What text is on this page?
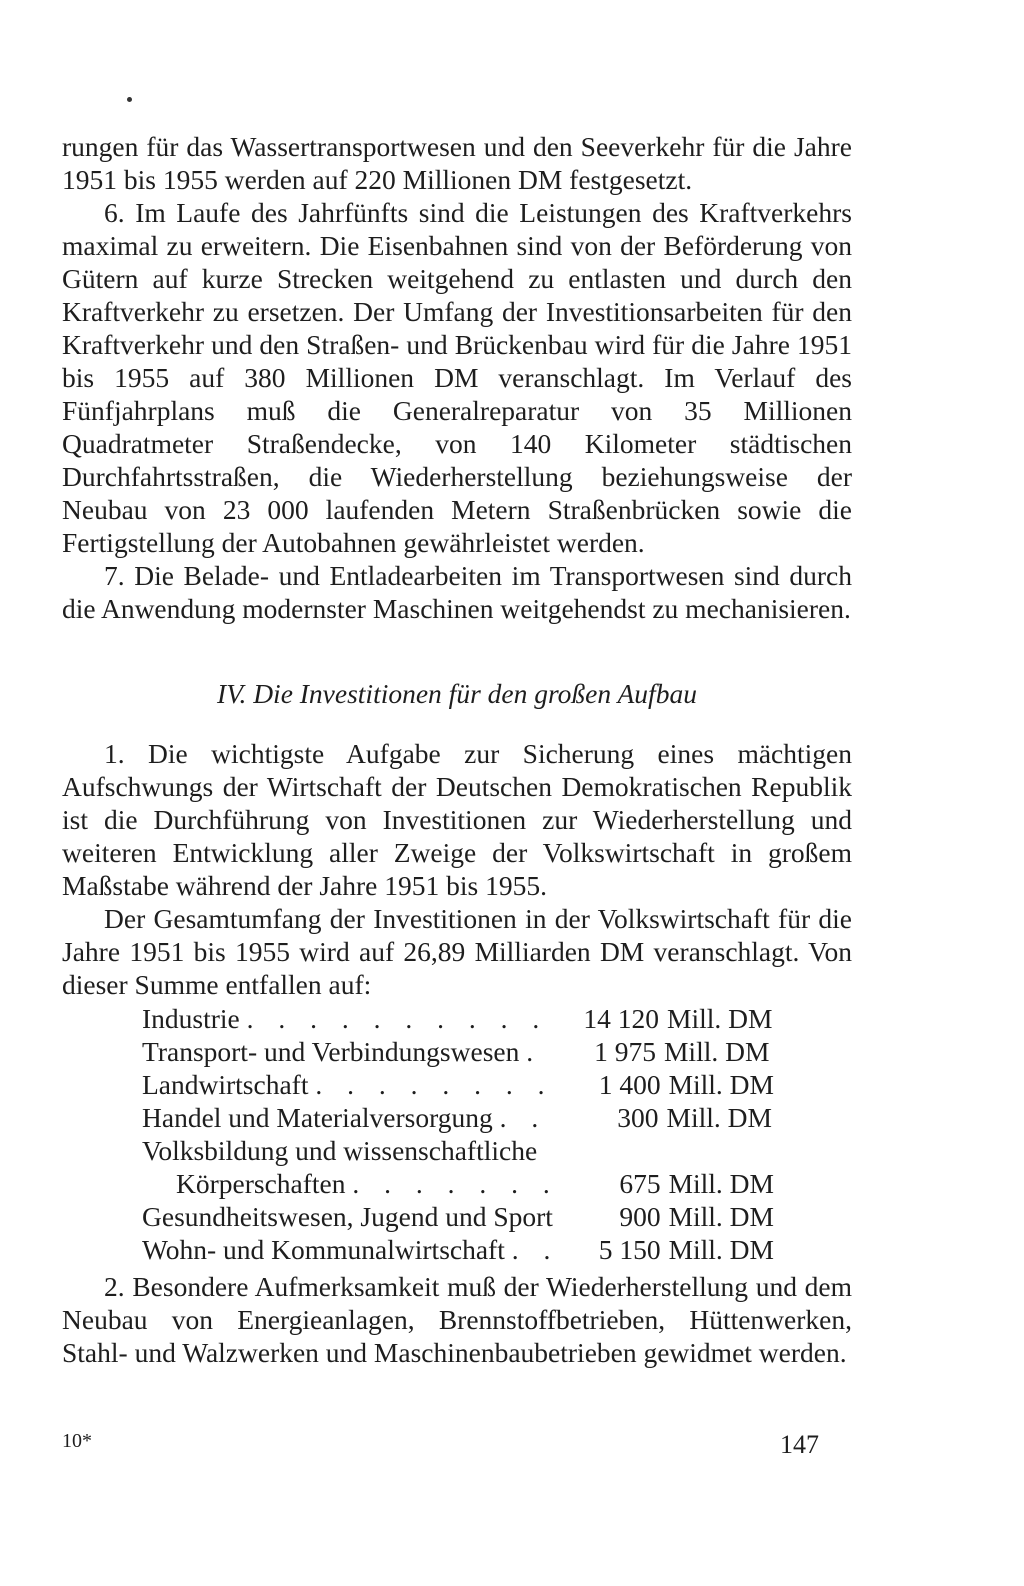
rungen für das Wassertransportwesen und den Seeverkehr für die Jahre 1951 bis 1955 werden auf 220 Millionen DM festgesetzt.

6. Im Laufe des Jahrfünfts sind die Leistungen des Kraftverkehrs maximal zu erweitern. Die Eisenbahnen sind von der Beförderung von Gütern auf kurze Strecken weitgehend zu entlasten und durch den Kraftverkehr zu ersetzen. Der Umfang der Investitionsarbeiten für den Kraftverkehr und den Straßen- und Brückenbau wird für die Jahre 1951 bis 1955 auf 380 Millionen DM veranschlagt. Im Verlauf des Fünfjahrplans muß die Generalreparatur von 35 Millionen Quadratmeter Straßendecke, von 140 Kilometer städtischen Durchfahrtsstraßen, die Wiederherstellung beziehungsweise der Neubau von 23 000 laufenden Metern Straßenbrücken sowie die Fertigstellung der Autobahnen gewährleistet werden.

7. Die Belade- und Entladearbeiten im Transportwesen sind durch die Anwendung modernster Maschinen weitgehendst zu mechanisieren.

IV. Die Investitionen für den großen Aufbau

1. Die wichtigste Aufgabe zur Sicherung eines mächtigen Aufschwungs der Wirtschaft der Deutschen Demokratischen Republik ist die Durchführung von Investitionen zur Wiederherstellung und weiteren Entwicklung aller Zweige der Volkswirtschaft in großem Maßstabe während der Jahre 1951 bis 1955.

Der Gesamtumfang der Investitionen in der Volkswirtschaft für die Jahre 1951 bis 1955 wird auf 26,89 Milliarden DM veranschlagt. Von dieser Summe entfallen auf:

Industrie . . . . . . . . . .	14 120 Mill. DM
Transport- und Verbindungswesen .	1 975 Mill. DM
Landwirtschaft . . . . . . . .	1 400 Mill. DM
Handel und Materialversorgung . .	300 Mill. DM
Volksbildung und wissenschaftliche
Körperschaften . . . . . . .	675 Mill. DM
Gesundheitswesen, Jugend und Sport	900 Mill. DM
Wohn- und Kommunalwirtschaft . .	5 150 Mill. DM

2. Besondere Aufmerksamkeit muß der Wiederherstellung und dem Neubau von Energieanlagen, Brennstoffbetrieben, Hüttenwerken, Stahl- und Walzwerken und Maschinenbaubetrieben gewidmet werden.

10*	147
